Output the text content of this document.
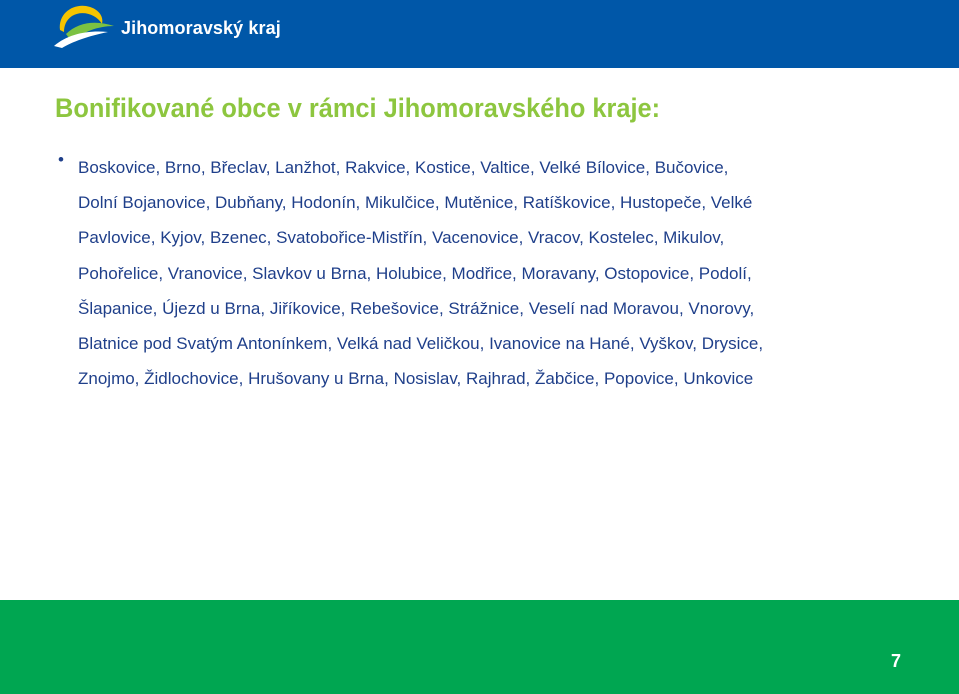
Jihomoravský kraj
Bonifikované obce v rámci Jihomoravského kraje:
• Boskovice, Brno, Břeclav, Lanžhot, Rakvice, Kostice, Valtice, Velké Bílovice, Bučovice,
Dolní Bojanovice, Dubňany, Hodonín, Mikulčice, Mutěnice, Ratíškovice, Hustopeče, Velké
Pavlovice, Kyjov, Bzenec, Svatobořice-Mistřín, Vacenovice, Vracov, Kostelec, Mikulov,
Pohořelice, Vranovice, Slavkov u Brna, Holubice, Modřice, Moravany, Ostopovice, Podolí,
Šlapanice, Újezd u Brna, Jiříkovice, Rebešovice, Strážnice, Veselí nad Moravou, Vnorovy,
Blatnice pod Svatým Antonínkem, Velká nad Veličkou, Ivanovice na Hané, Vyškov, Drysice,
Znojmo, Židlochovice, Hrušovany u Brna, Nosislav, Rajhrad, Žabčice, Popovice, Unkovice
7
